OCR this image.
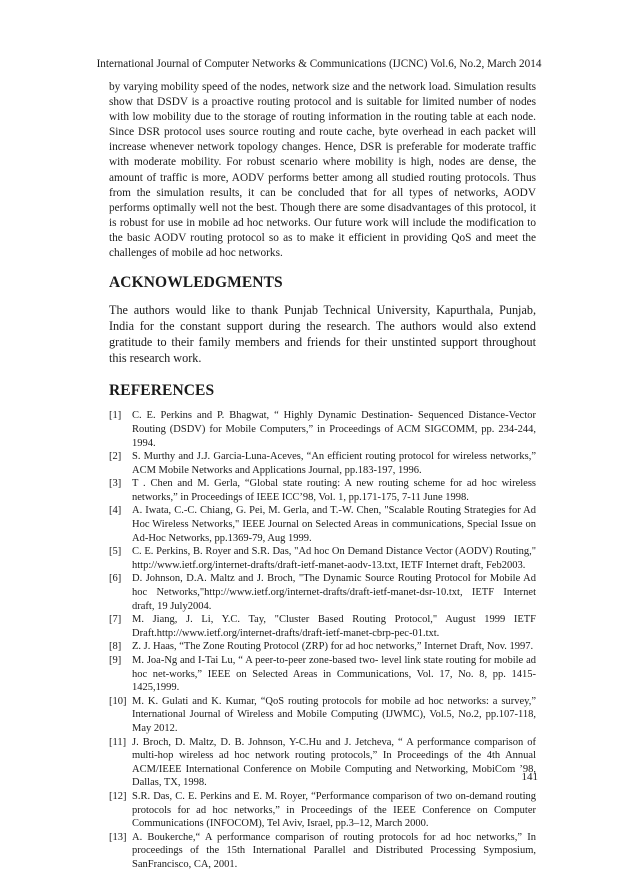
International Journal of Computer Networks & Communications (IJCNC) Vol.6, No.2, March 2014

by varying mobility speed of the nodes, network size and the network load. Simulation results show that DSDV is a proactive routing protocol and is suitable for limited number of nodes with low mobility due to the storage of routing information in the routing table at each node. Since DSR protocol uses source routing and route cache, byte overhead in each packet will increase whenever network topology changes. Hence, DSR is preferable for moderate traffic with moderate mobility. For robust scenario where mobility is high, nodes are dense, the amount of traffic is more, AODV performs better among all studied routing protocols. Thus from the simulation results, it can be concluded that for all types of networks, AODV performs optimally well not the best. Though there are some disadvantages of this protocol, it is robust for use in mobile ad hoc networks. Our future work will include the modification to the basic AODV routing protocol so as to make it efficient in providing QoS and meet the challenges of mobile ad hoc networks.

ACKNOWLEDGMENTS

The authors would like to thank Punjab Technical University, Kapurthala, Punjab, India for the constant support during the research. The authors would also extend gratitude to their family members and friends for their unstinted support throughout this research work.

REFERENCES
[1]	C. E. Perkins and P. Bhagwat, “ Highly Dynamic Destination- Sequenced Distance-Vector Routing (DSDV) for Mobile Computers,” in Proceedings of ACM SIGCOMM, pp. 234-244, 1994.
[2]	S. Murthy and J.J. Garcia-Luna-Aceves, “An efficient routing protocol for wireless networks,” ACM Mobile Networks and Applications Journal, pp.183-197, 1996.
[3]	T . Chen and M. Gerla, “Global state routing: A new routing scheme for ad hoc wireless networks,” in Proceedings of IEEE ICC’98, Vol. 1, pp.171-175, 7-11 June 1998.
[4]	A. Iwata, C.-C. Chiang, G. Pei, M. Gerla, and T.-W. Chen, "Scalable Routing Strategies for Ad Hoc Wireless Networks," IEEE Journal on Selected Areas in communications, Special Issue on Ad-Hoc Networks, pp.1369-79, Aug 1999.
[5]	C. E. Perkins, B. Royer and S.R. Das, "Ad hoc On Demand Distance Vector (AODV) Routing," http://www.ietf.org/internet-drafts/draft-ietf-manet-aodv-13.txt, IETF Internet draft, Feb2003.
[6]	D. Johnson, D.A. Maltz and J. Broch, "The Dynamic Source Routing Protocol for Mobile Ad hoc Networks,"http://www.ietf.org/internet-drafts/draft-ietf-manet-dsr-10.txt, IETF Internet draft, 19 July2004.
[7]	M. Jiang, J. Li, Y.C. Tay, "Cluster Based Routing Protocol," August 1999 IETF Draft.http://www.ietf.org/internet-drafts/draft-ietf-manet-cbrp-pec-01.txt.
[8]	Z. J. Haas, “The Zone Routing Protocol (ZRP) for ad hoc networks,” Internet Draft, Nov. 1997.
[9]	M. Joa-Ng and I-Tai Lu, “ A peer-to-peer zone-based two- level link state routing for mobile ad hoc net-works,” IEEE on Selected Areas in Communications, Vol. 17, No. 8, pp. 1415- 1425,1999.
[10] M. K. Gulati and K. Kumar, “QoS routing protocols for mobile ad hoc networks: a survey,” International Journal of Wireless and Mobile Computing (IJWMC), Vol.5, No.2, pp.107-118, May 2012.
[11] J. Broch, D. Maltz, D. B. Johnson, Y-C.Hu and J. Jetcheva, “ A performance comparison of multi-hop wireless ad hoc network routing protocols,” In Proceedings of the 4th Annual ACM/IEEE International Conference on Mobile Computing and Networking, MobiCom ’98, Dallas, TX, 1998.
[12] S.R. Das, C. E. Perkins and E. M. Royer, “Performance comparison of two on-demand routing protocols for ad hoc networks,” in Proceedings of the IEEE Conference on Computer Communications (INFOCOM), Tel Aviv, Israel, pp.3–12, March 2000.
[13] A. Boukerche,“ A performance comparison of routing protocols for ad hoc networks,” In proceedings of the 15th International Parallel and Distributed Processing Symposium, SanFrancisco, CA, 2001.
141
